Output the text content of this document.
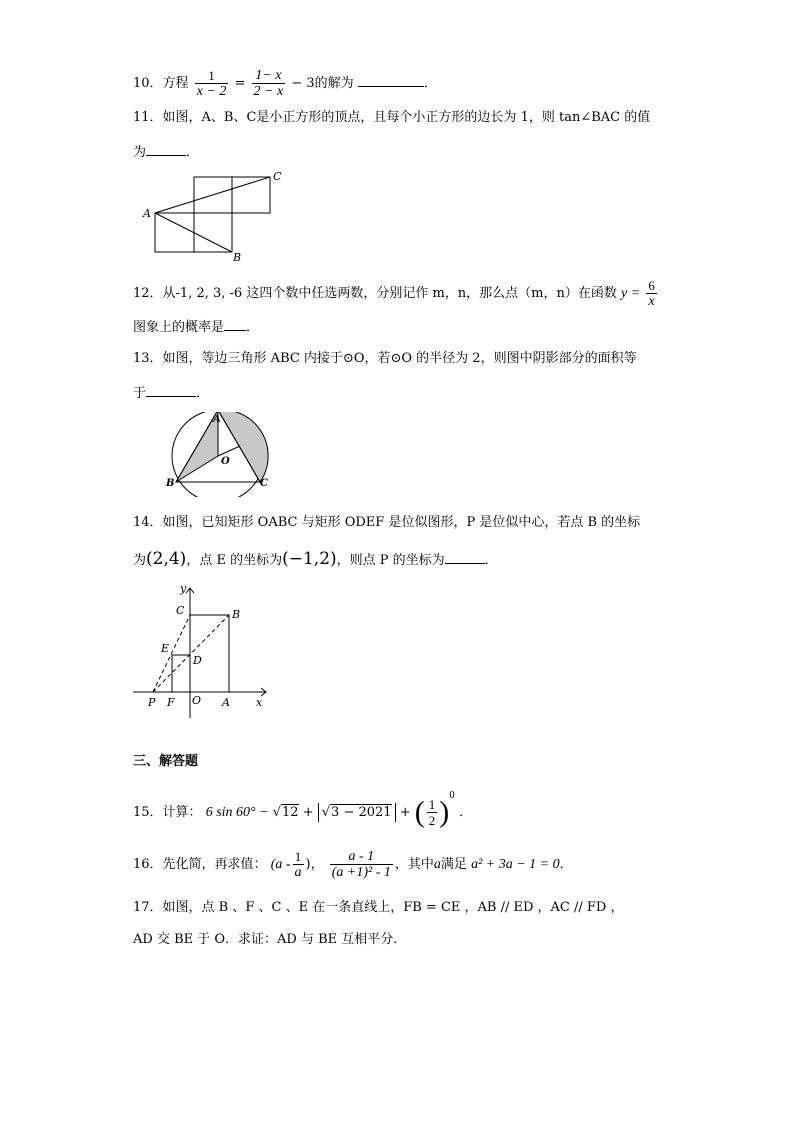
10．方程 $\frac{1}{x - 2} = \frac{1- x}{2 - x} - 3$的解为	．
11．如图，A、B、C是小正方形的顶点，且每个小正方形的边长为 1，则 tan∠BAC 的值
为	．
A
C
B
12．从-1, 2, 3, -6 这四个数中任选两数，分别记作 m，n，那么点（m，n）在函数 $y = \frac{6}{x}$
图象上的概率是 ．
13．如图，等边三角形 ABC 内接于⊙O，若⊙O 的半径为 2，则图中阴影部分的面积等
于	．
A
B	C
O
14．如图，已知矩形 OABC 与矩形 ODEF 是位似图形，P 是位似中心，若点 B 的坐标
为(2,4)，点 E 的坐标为(−1,2)，则点 P 的坐标为	．
y
x
C	B
E
D
P F O A
三、解答题
15．计算： 6 sin 60° − √12 + √3 − 2021 + ( $\frac{1}{2} )^0$ ．
16．先化简，再求值： ($a - \frac{1}{a}$ )， $\frac{a - 1}{\text{(a +1)² - 1}}$ ，其中a满足 a² + 3a − 1 = 0．
17．如图，点 B 、F 、C 、E 在一条直线上，FB = CE ，AB // ED ，AC // FD ，
AD 交 BE 于 O．求证：AD 与 BE 互相平分．
